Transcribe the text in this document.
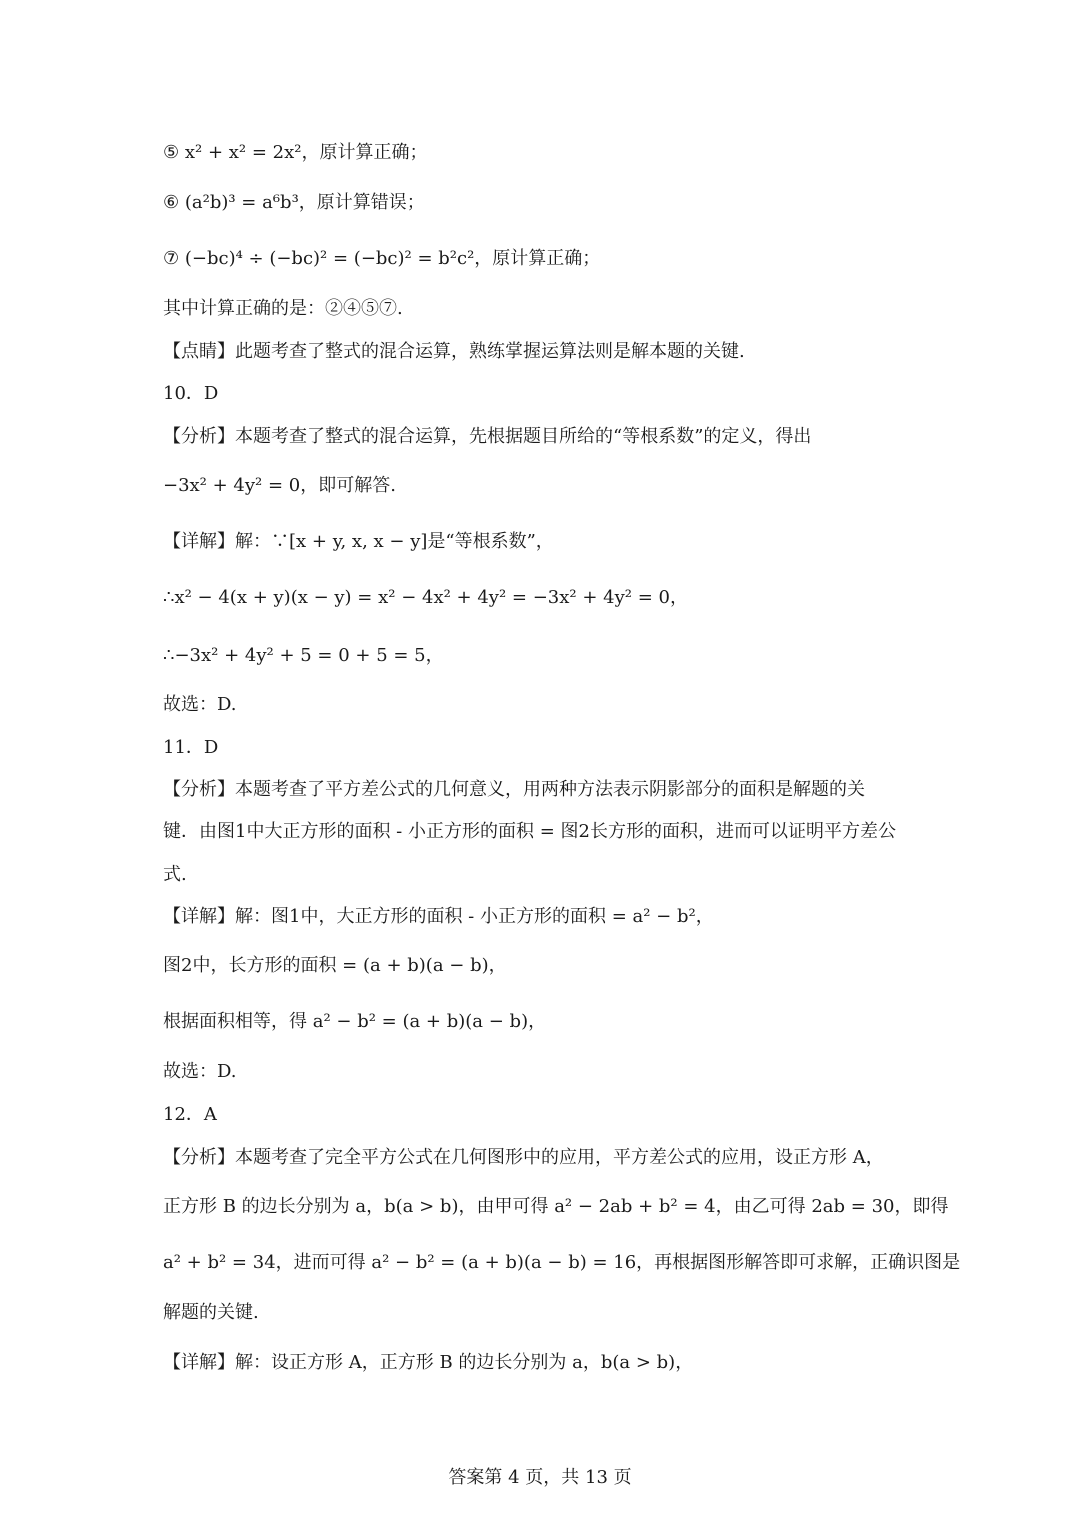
⑤ x² + x² = 2x²，原计算正确；
⑥ (a²b)³ = a⁶b³，原计算错误；
⑦ (−bc)⁴ ÷ (−bc)² = (−bc)² = b²c²，原计算正确；
其中计算正确的是：②④⑤⑦.
【点睛】此题考查了整式的混合运算，熟练掌握运算法则是解本题的关键.
10．D
【分析】本题考查了整式的混合运算，先根据题目所给的“等根系数”的定义，得出
−3x² + 4y² = 0，即可解答.
【详解】解：∵[x + y, x, x − y]是“等根系数”，
∴x² − 4(x + y)(x − y) = x² − 4x² + 4y² = −3x² + 4y² = 0，
∴−3x² + 4y² + 5 = 0 + 5 = 5，
故选：D.
11．D
【分析】本题考查了平方差公式的几何意义，用两种方法表示阴影部分的面积是解题的关
键．由图1中大正方形的面积 - 小正方形的面积 = 图2长方形的面积，进而可以证明平方差公
式.
【详解】解：图1中，大正方形的面积 - 小正方形的面积 = a² − b²，
图2中，长方形的面积 = (a + b)(a − b)，
根据面积相等，得 a² − b² = (a + b)(a − b)，
故选：D.
12．A
【分析】本题考查了完全平方公式在几何图形中的应用，平方差公式的应用，设正方形 A，
正方形 B 的边长分别为 a，b(a > b)，由甲可得 a² − 2ab + b² = 4，由乙可得 2ab = 30，即得
a² + b² = 34，进而可得 a² − b² = (a + b)(a − b) = 16，再根据图形解答即可求解，正确识图是
解题的关键.
【详解】解：设正方形 A，正方形 B 的边长分别为 a，b(a > b)，
答案第 4 页，共 13 页
